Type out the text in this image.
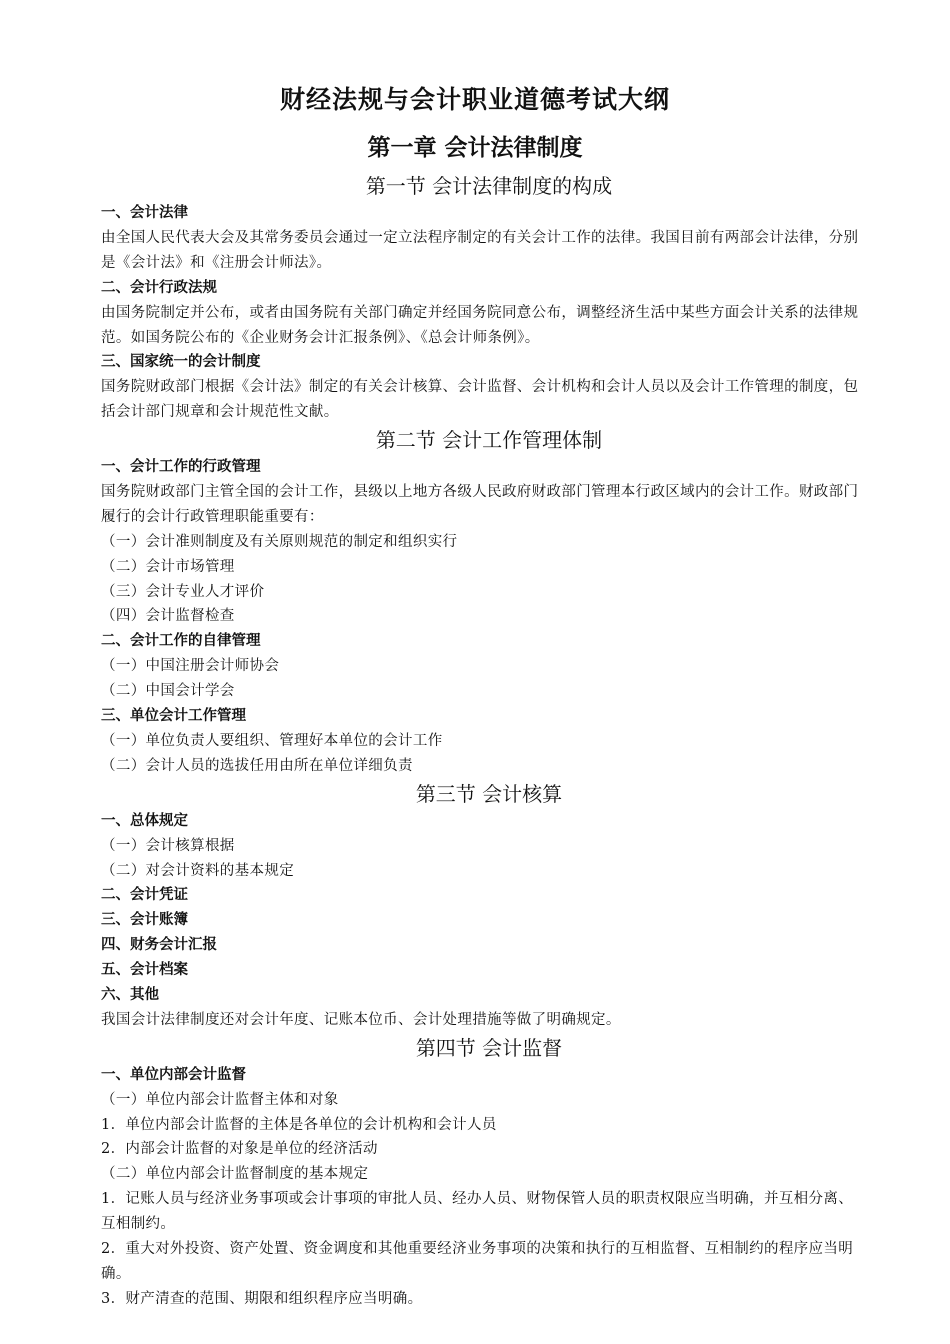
财经法规与会计职业道德考试大纲
第一章 会计法律制度
第一节 会计法律制度的构成
一、会计法律
由全国人民代表大会及其常务委员会通过一定立法程序制定的有关会计工作的法律。我国目前有两部会计法律，分别是《会计法》和《注册会计师法》。
二、会计行政法规
由国务院制定并公布，或者由国务院有关部门确定并经国务院同意公布，调整经济生活中某些方面会计关系的法律规范。如国务院公布的《企业财务会计汇报条例》、《总会计师条例》。
三、国家统一的会计制度
国务院财政部门根据《会计法》制定的有关会计核算、会计监督、会计机构和会计人员以及会计工作管理的制度，包括会计部门规章和会计规范性文献。
第二节 会计工作管理体制
一、会计工作的行政管理
国务院财政部门主管全国的会计工作，县级以上地方各级人民政府财政部门管理本行政区域内的会计工作。财政部门履行的会计行政管理职能重要有：
（一）会计准则制度及有关原则规范的制定和组织实行
（二）会计市场管理
（三）会计专业人才评价
（四）会计监督检查
二、会计工作的自律管理
（一）中国注册会计师协会
（二）中国会计学会
三、单位会计工作管理
（一）单位负责人要组织、管理好本单位的会计工作
（二）会计人员的选拔任用由所在单位详细负责
第三节 会计核算
一、总体规定
（一）会计核算根据
（二）对会计资料的基本规定
二、会计凭证
三、会计账簿
四、财务会计汇报
五、会计档案
六、其他
我国会计法律制度还对会计年度、记账本位币、会计处理措施等做了明确规定。
第四节 会计监督
一、单位内部会计监督
（一）单位内部会计监督主体和对象
1．单位内部会计监督的主体是各单位的会计机构和会计人员
2．内部会计监督的对象是单位的经济活动
（二）单位内部会计监督制度的基本规定
1．记账人员与经济业务事项或会计事项的审批人员、经办人员、财物保管人员的职责权限应当明确，并互相分离、互相制约。
2．重大对外投资、资产处置、资金调度和其他重要经济业务事项的决策和执行的互相监督、互相制约的程序应当明确。
3．财产清查的范围、期限和组织程序应当明确。
